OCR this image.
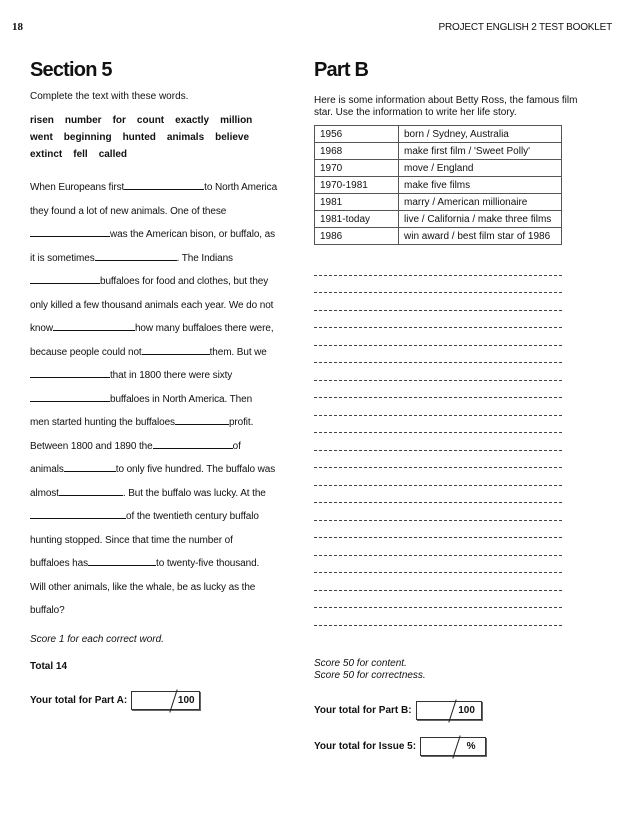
18	PROJECT ENGLISH 2 TEST BOOKLET
Section 5
Complete the text with these words.
risen number for count exactly million
went beginning hunted animals believe
extinct fell called
When Europeans first	to North America
they found a lot of new animals. One of these
was the American bison, or buffalo, as
it is sometimes	. The Indians
buffaloes for food and clothes, but they
only killed a few thousand animals each year. We do not
know	how many buffaloes there were,
because people could not	them. But we
that in 1800 there were sixty
buffaloes in North America. Then
men started hunting the buffaloes	profit.
Between 1800 and 1890 the	of
animals	to only five hundred. The buffalo was
almost	. But the buffalo was lucky. At the
of the twentieth century buffalo
hunting stopped. Since that time the number of
buffaloes has	to twenty-five thousand.
Will other animals, like the whale, be as lucky as the
buffalo?
Score 1 for each correct word.
Total 14
Your total for Part A:	100
Part B
Here is some information about Betty Ross, the famous film star. Use the information to write her life story.
1956	born / Sydney, Australia
1968	make first film / 'Sweet Polly'
1970	move / England
1970-1981	make five films
1981	marry / American millionaire
1981-today	live / California / make three films
1986	win award / best film star of 1986
Score 50 for content.
Score 50 for correctness.
Your total for Part B:	100
Your total for Issue 5:	%
